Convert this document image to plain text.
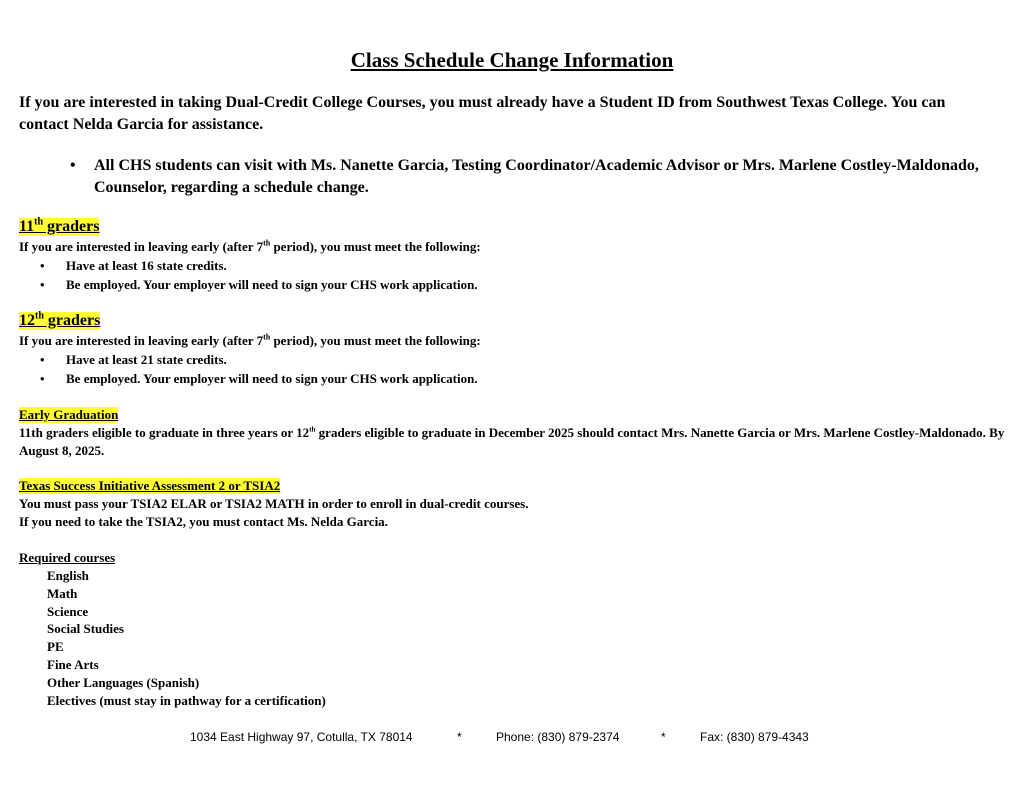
Class Schedule Change Information
If you are interested in taking Dual-Credit College Courses, you must already have a Student ID from Southwest Texas College. You can contact Nelda Garcia for assistance.
• All CHS students can visit with Ms. Nanette Garcia, Testing Coordinator/Academic Advisor or Mrs. Marlene Costley-Maldonado, Counselor, regarding a schedule change.
11th graders
If you are interested in leaving early (after 7th period), you must meet the following:
• Have at least 16 state credits.
• Be employed. Your employer will need to sign your CHS work application.
12th graders
If you are interested in leaving early (after 7th period), you must meet the following:
• Have at least 21 state credits.
• Be employed. Your employer will need to sign your CHS work application.
Early Graduation
11th graders eligible to graduate in three years or 12th graders eligible to graduate in December 2025 should contact Mrs. Nanette Garcia or Mrs. Marlene Costley-Maldonado. By August 8, 2025.
Texas Success Initiative Assessment 2 or TSIA2
You must pass your TSIA2 ELAR or TSIA2 MATH in order to enroll in dual-credit courses.
If you need to take the TSIA2, you must contact Ms. Nelda Garcia.
Required courses
English
Math
Science
Social Studies
PE
Fine Arts
Other Languages (Spanish)
Electives (must stay in pathway for a certification)
1034 East Highway 97, Cotulla, TX 78014	*	Phone: (830) 879-2374	*	Fax: (830) 879-4343
